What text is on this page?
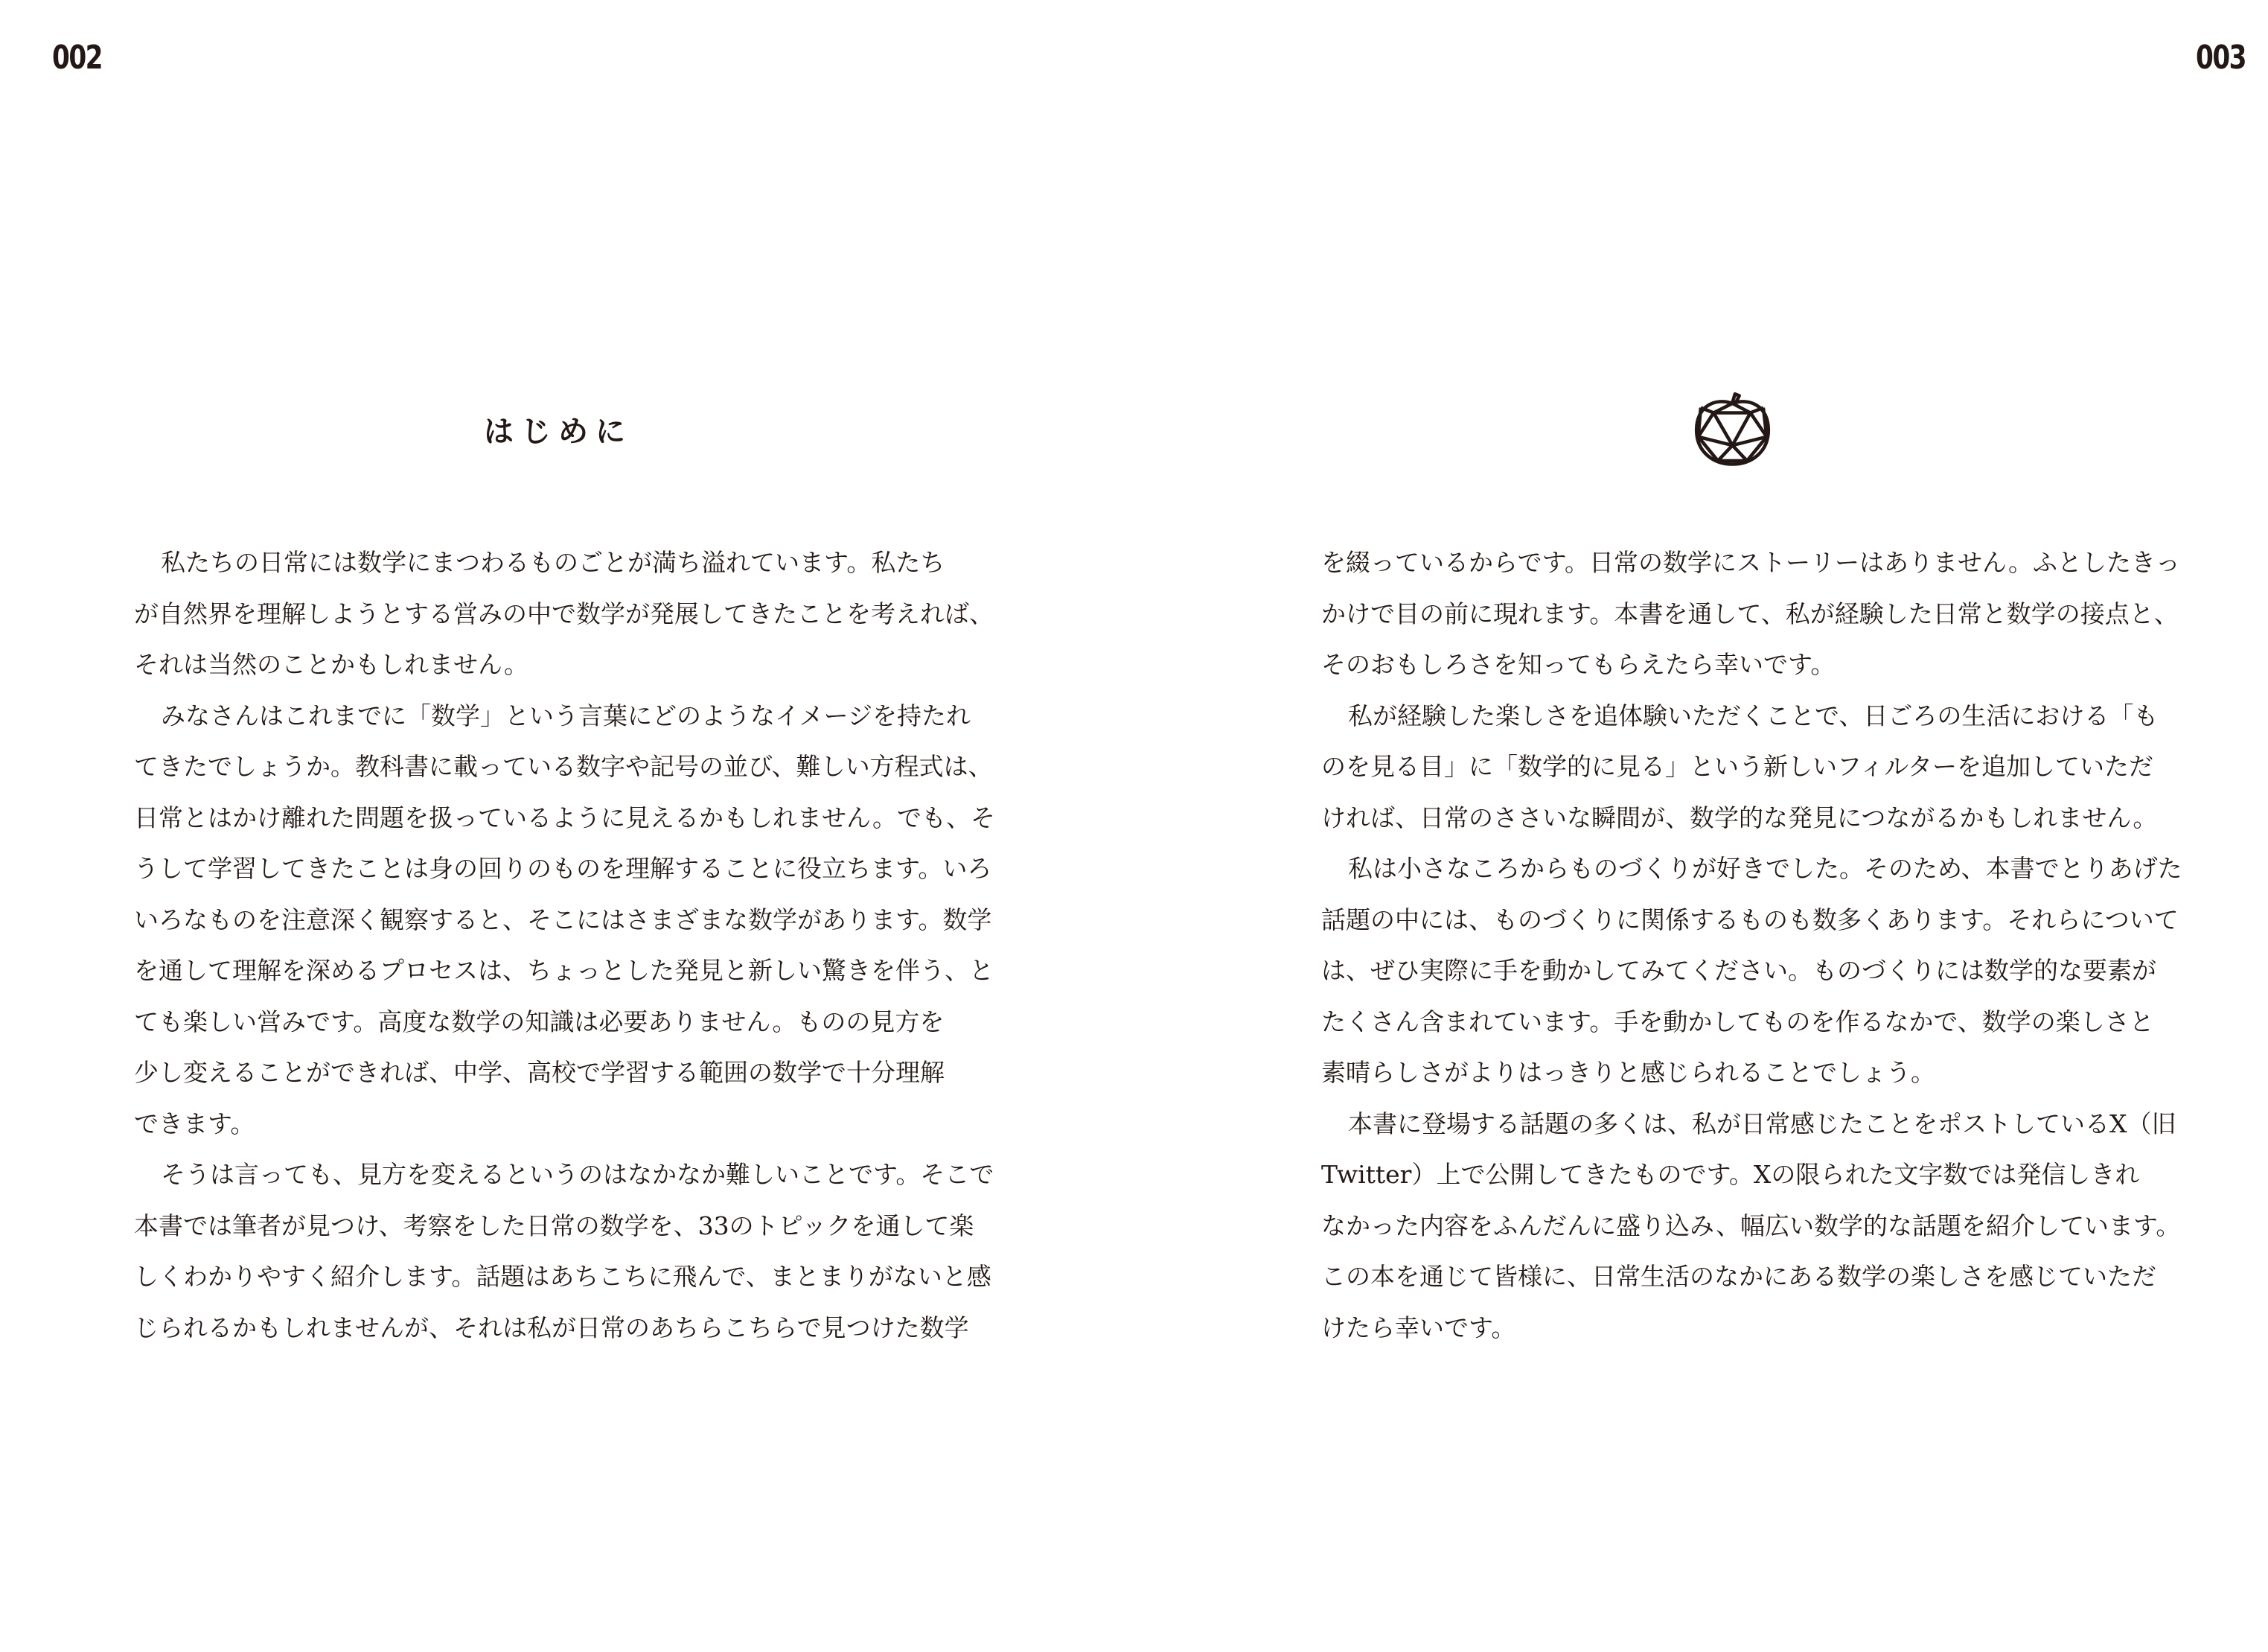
002
はじめに
私たちの日常には数学にまつわるものごとが満ち溢れています。私たち
が自然界を理解しようとする営みの中で数学が発展してきたことを考えれば、
それは当然のことかもしれません。
みなさんはこれまでに「数学」という言葉にどのようなイメージを持たれ
てきたでしょうか。教科書に載っている数字や記号の並び、難しい方程式は、
日常とはかけ離れた問題を扱っているように見えるかもしれません。でも、そ
うして学習してきたことは身の回りのものを理解することに役立ちます。いろ
いろなものを注意深く観察すると、そこにはさまざまな数学があります。数学
を通して理解を深めるプロセスは、ちょっとした発見と新しい驚きを伴う、と
ても楽しい営みです。高度な数学の知識は必要ありません。ものの見方を
少し変えることができれば、中学、高校で学習する範囲の数学で十分理解
できます。
そうは言っても、見方を変えるというのはなかなか難しいことです。そこで
本書では筆者が見つけ、考察をした日常の数学を、33のトピックを通して楽
しくわかりやすく紹介します。話題はあちこちに飛んで、まとまりがないと感
じられるかもしれませんが、それは私が日常のあちらこちらで見つけた数学
003
を綴っているからです。日常の数学にストーリーはありません。ふとしたきっ
かけで目の前に現れます。本書を通して、私が経験した日常と数学の接点と、
そのおもしろさを知ってもらえたら幸いです。
私が経験した楽しさを追体験いただくことで、日ごろの生活における「も
のを見る目」に「数学的に見る」という新しいフィルターを追加していただ
ければ、日常のささいな瞬間が、数学的な発見につながるかもしれません。
私は小さなころからものづくりが好きでした。そのため、本書でとりあげた
話題の中には、ものづくりに関係するものも数多くあります。それらについて
は、ぜひ実際に手を動かしてみてください。ものづくりには数学的な要素が
たくさん含まれています。手を動かしてものを作るなかで、数学の楽しさと
素晴らしさがよりはっきりと感じられることでしょう。
本書に登場する話題の多くは、私が日常感じたことをポストしているX（旧
Twitter）上で公開してきたものです。Xの限られた文字数では発信しきれ
なかった内容をふんだんに盛り込み、幅広い数学的な話題を紹介しています。
この本を通じて皆様に、日常生活のなかにある数学の楽しさを感じていただ
けたら幸いです。
